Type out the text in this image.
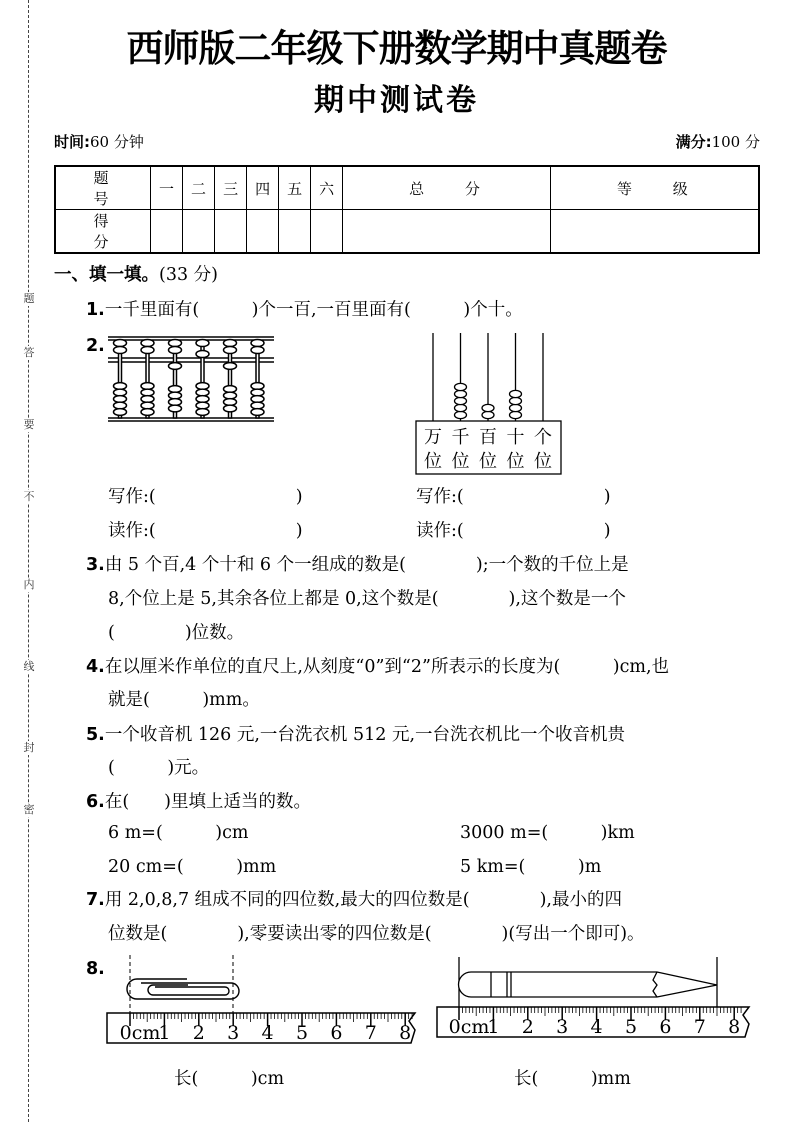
题
答
要
不
内
线
封
密
西师版二年级下册数学期中真题卷
期中测试卷
时间:60 分钟	满分:100 分
题 号	一	二	三	四	五	六	总 分	等 级
得 分								
一、填一填。(33 分)
1.一千里面有(　　　)个一百,一百里面有(　　　)个十。
2.
万 千 百 十 个
位 位 位 位 位
写作:(　　　　　　　　)
读作:(　　　　　　　　)
写作:(　　　　　　　　)
读作:(　　　　　　　　)
3.由 5 个百,4 个十和 6 个一组成的数是(　　　　);一个数的千位上是
8,个位上是 5,其余各位上都是 0,这个数是(　　　　),这个数是一个
(　　　　)位数。
4.在以厘米作单位的直尺上,从刻度“0”到“2”所表示的长度为(　　　)cm,也
就是(　　　)mm。
5.一个收音机 126 元,一台洗衣机 512 元,一台洗衣机比一个收音机贵
(　　　)元。
6.在(　　)里填上适当的数。
6 m=(　　　)cm	3000 m=(　　　)km
20 cm=(　　　)mm	5 km=(　　　)m
7.用 2,0,8,7 组成不同的四位数,最大的四位数是(　　　　),最小的四
位数是(　　　　),零要读出零的四位数是(　　　　)(写出一个即可)。
8.
0cm
1 2 3 4 5 6 7 8
长(　　　)cm
0cm
1 2 3 4 5 6 7 8
长(　　　)mm
